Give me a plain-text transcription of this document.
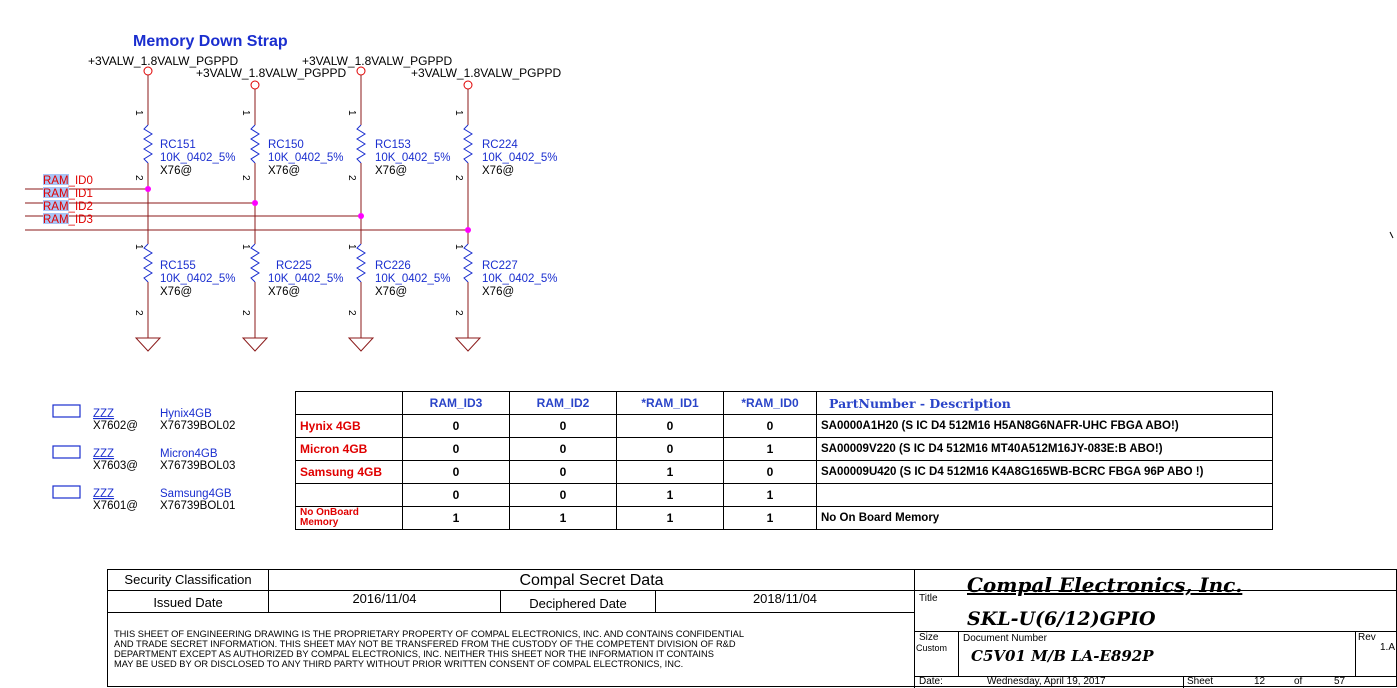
Memory Down Strap
+3VALW_1.8VALW_PGPPD
+3VALW_1.8VALW_PGPPD
+3VALW_1.8VALW_PGPPD
+3VALW_1.8VALW_PGPPD
RAM_ID0
RAM_ID1
RAM_ID2
RAM_ID3
1
2
1
2
RC151
10K_0402_5%
X76@
RC155
10K_0402_5%
X76@
1
2
1
2
RC150
10K_0402_5%
X76@
RC225
10K_0402_5%
X76@
1
2
1
2
RC153
10K_0402_5%
X76@
RC226
10K_0402_5%
X76@
1
2
1
2
RC224
10K_0402_5%
X76@
RC227
10K_0402_5%
X76@
ZZZ
X7602@
Hynix4GB
X76739BOL02
ZZZ
X7603@
Micron4GB
X76739BOL03
ZZZ
X7601@
Samsung4GB
X76739BOL01
	RAM_ID3	RAM_ID2	*RAM_ID1	*RAM_ID0	PartNumber - Description
Hynix 4GB	0	0	0	0	SA0000A1H20 (S IC D4 512M16 H5AN8G6NAFR-UHC FBGA ABO!)
Micron 4GB	0	0	0	1	SA00009V220 (S IC D4 512M16 MT40A512M16JY-083E:B ABO!)
Samsung 4GB	0	0	1	0	SA00009U420 (S IC D4 512M16 K4A8G165WB-BCRC FBGA 96P ABO !)
	0	0	1	1	
No OnBoard
Memory	1	1	1	1	No On Board Memory
Security Classification	Compal Secret Data
Issued Date	2016/11/04	Deciphered Date	2018/11/04
THIS SHEET OF ENGINEERING DRAWING IS THE PROPRIETARY PROPERTY OF COMPAL ELECTRONICS, INC. AND CONTAINS CONFIDENTIAL
AND TRADE SECRET INFORMATION. THIS SHEET MAY NOT BE TRANSFERED FROM THE CUSTODY OF THE COMPETENT DIVISION OF R&D
DEPARTMENT EXCEPT AS AUTHORIZED BY COMPAL ELECTRONICS, INC. NEITHER THIS SHEET NOR THE INFORMATION IT CONTAINS
MAY BE USED BY OR DISCLOSED TO ANY THIRD PARTY WITHOUT PRIOR WRITTEN CONSENT OF COMPAL ELECTRONICS, INC.
Compal Electronics, Inc.
Title
SKL-U(6/12)GPIO
Size
Custom
Document Number
C5V01 M/B LA-E892P
Rev
1.A
Date:	Wednesday, April 19, 2017	Sheet	12	of	57
